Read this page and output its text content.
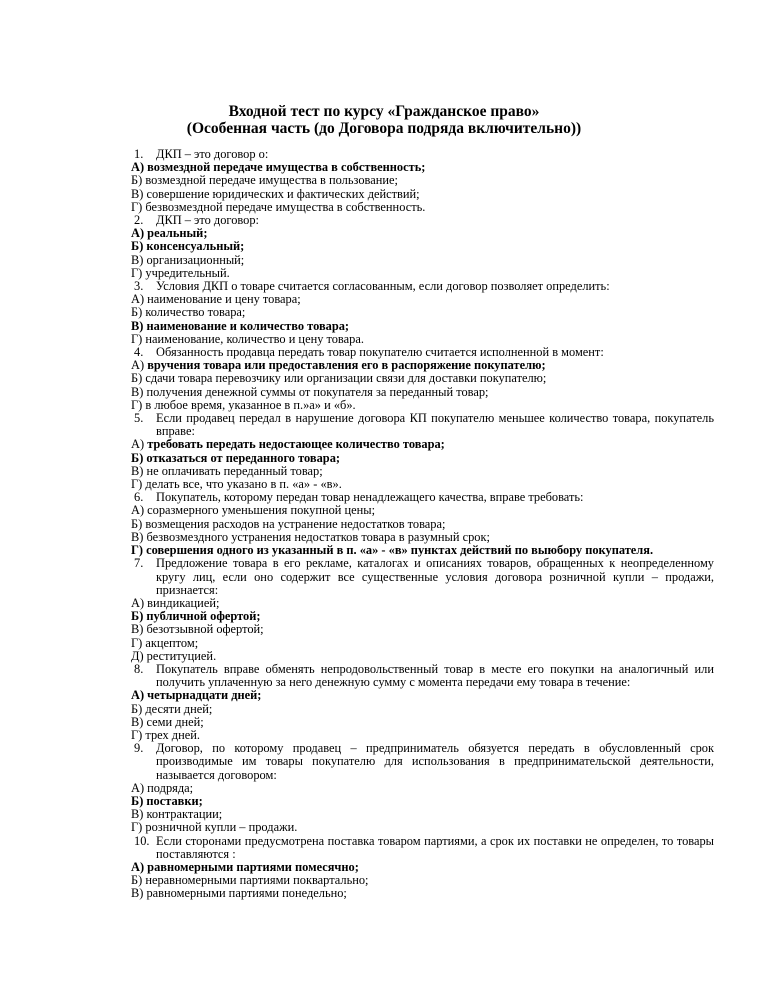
Входной тест по курсу «Гражданское право»
(Особенная часть (до Договора подряда включительно))
1. ДКП – это договор о:
А) возмездной передаче имущества в собственность;
Б) возмездной передаче имущества в пользование;
В) совершение юридических и фактических действий;
Г) безвозмездной передаче имущества в собственность.
2. ДКП – это договор:
А) реальный;
Б) консенсуальный;
В) организационный;
Г) учредительный.
3. Условия ДКП о товаре считается согласованным, если договор позволяет определить:
А) наименование и цену товара;
Б) количество товара;
В) наименование и количество товара;
Г) наименование, количество и цену товара.
4. Обязанность продавца передать товар покупателю считается исполненной в момент:
А) вручения товара или предоставления его в распоряжение покупателю;
Б) сдачи товара перевозчику или организации связи для доставки покупателю;
В) получения денежной суммы от покупателя за переданный товар;
Г) в любое время, указанное в п.»а» и «б».
5. Если продавец передал в нарушение договора КП покупателю меньшее количество товара, покупатель вправе:
А) требовать передать недостающее количество товара;
Б) отказаться от переданного товара;
В) не оплачивать переданный товар;
Г) делать все, что указано в п. «а» - «в».
6. Покупатель, которому передан товар ненадлежащего качества, вправе требовать:
А) соразмерного уменьшения покупной цены;
Б) возмещения расходов на устранение недостатков товара;
В) безвозмездного устранения недостатков товара в разумный срок;
Г) совершения одного из указанный в п. «а» - «в» пунктах действий по выюбору покупателя.
7. Предложение товара в его рекламе, каталогах и описаниях товаров, обращенных к неопределенному кругу лиц, если оно содержит все существенные условия договора розничной купли – продажи, признается:
А) виндикацией;
Б) публичной офертой;
В) безотзывной офертой;
Г) акцептом;
Д) реституцией.
8. Покупатель вправе обменять непродовольственный товар в месте его покупки на аналогичный или получить уплаченную за него денежную сумму с момента передачи ему товара в течение:
А) четырнадцати дней;
Б) десяти дней;
В) семи дней;
Г) трех дней.
9. Договор, по которому продавец – предприниматель обязуется передать в обусловленный срок производимые им товары покупателю для использования в предпринимательской деятельности, называется договором:
А) подряда;
Б) поставки;
В) контрактации;
Г) розничной купли – продажи.
10. Если сторонами предусмотрена поставка товаром партиями, а срок их поставки не определен, то товары поставляются :
А) равномерными партиями помесячно;
Б) неравномерными партиями поквартально;
В) равномерными партиями понедельно;
